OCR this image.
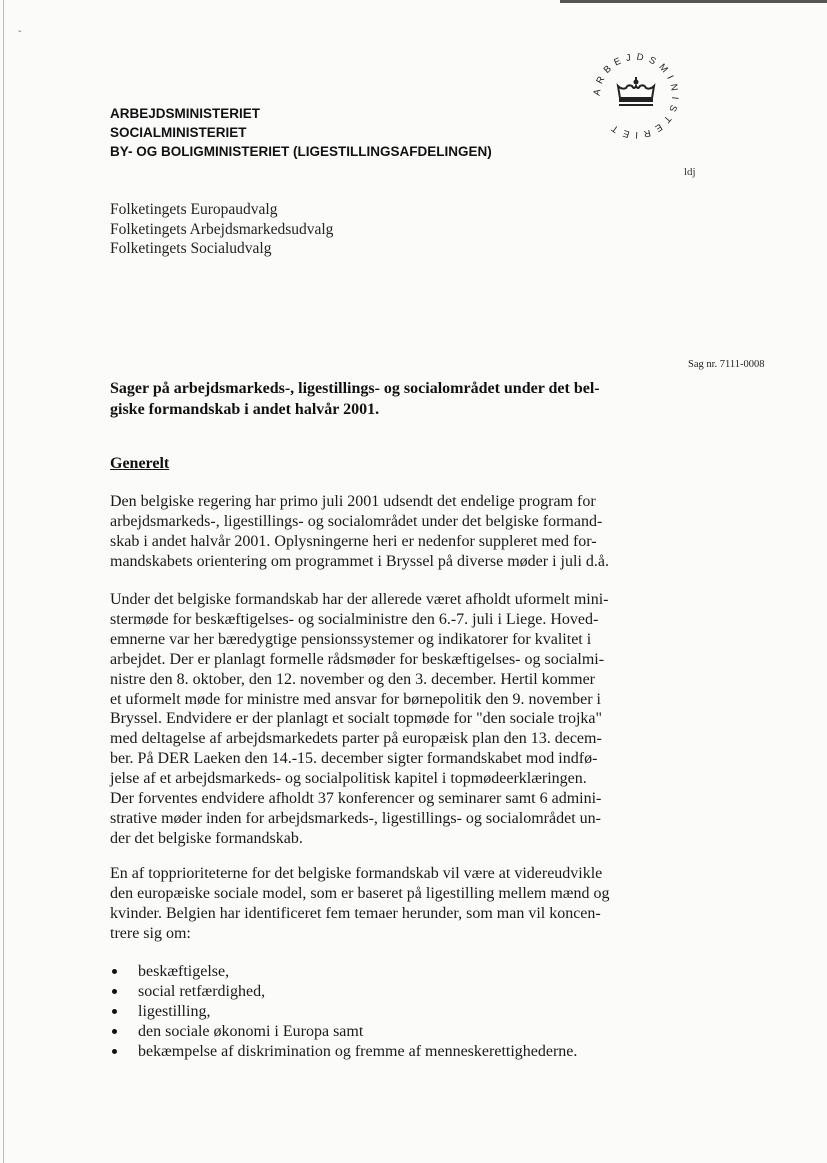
-
ARBEJDSMINISTERIET
SOCIALMINISTERIET
BY- OG BOLIGMINISTERIET (LIGESTILLINGSAFDELINGEN)
ARBEJDSMINISTERIET
ldj
Folketingets Europaudvalg
Folketingets Arbejdsmarkedsudvalg
Folketingets Socialudvalg
Sag nr. 7111-0008
Sager på arbejdsmarkeds-, ligestillings- og socialområdet under det bel-
giske formandskab i andet halvår 2001.
Generelt
Den belgiske regering har primo juli 2001 udsendt det endelige program for
arbejdsmarkeds-, ligestillings- og socialområdet under det belgiske formand-
skab i andet halvår 2001. Oplysningerne heri er nedenfor suppleret med for-
mandskabets orientering om programmet i Bryssel på diverse møder i juli d.å.
Under det belgiske formandskab har der allerede været afholdt uformelt mini-
stermøde for beskæftigelses- og socialministre den 6.-7. juli i Liege. Hoved-
emnerne var her bæredygtige pensionssystemer og indikatorer for kvalitet i
arbejdet. Der er planlagt formelle rådsmøder for beskæftigelses- og socialmi-
nistre den 8. oktober, den 12. november og den 3. december. Hertil kommer
et uformelt møde for ministre med ansvar for børnepolitik den 9. november i
Bryssel. Endvidere er der planlagt et socialt topmøde for "den sociale trojka"
med deltagelse af arbejdsmarkedets parter på europæisk plan den 13. decem-
ber. På DER Laeken den 14.-15. december sigter formandskabet mod indfø-
jelse af et arbejdsmarkeds- og socialpolitisk kapitel i topmødeerklæringen.
Der forventes endvidere afholdt 37 konferencer og seminarer samt 6 admini-
strative møder inden for arbejdsmarkeds-, ligestillings- og socialområdet un-
der det belgiske formandskab.
En af topprioriteterne for det belgiske formandskab vil være at videreudvikle
den europæiske sociale model, som er baseret på ligestilling mellem mænd og
kvinder. Belgien har identificeret fem temaer herunder, som man vil koncen-
trere sig om:
beskæftigelse,
social retfærdighed,
ligestilling,
den sociale økonomi i Europa samt
bekæmpelse af diskrimination og fremme af menneskerettighederne.
